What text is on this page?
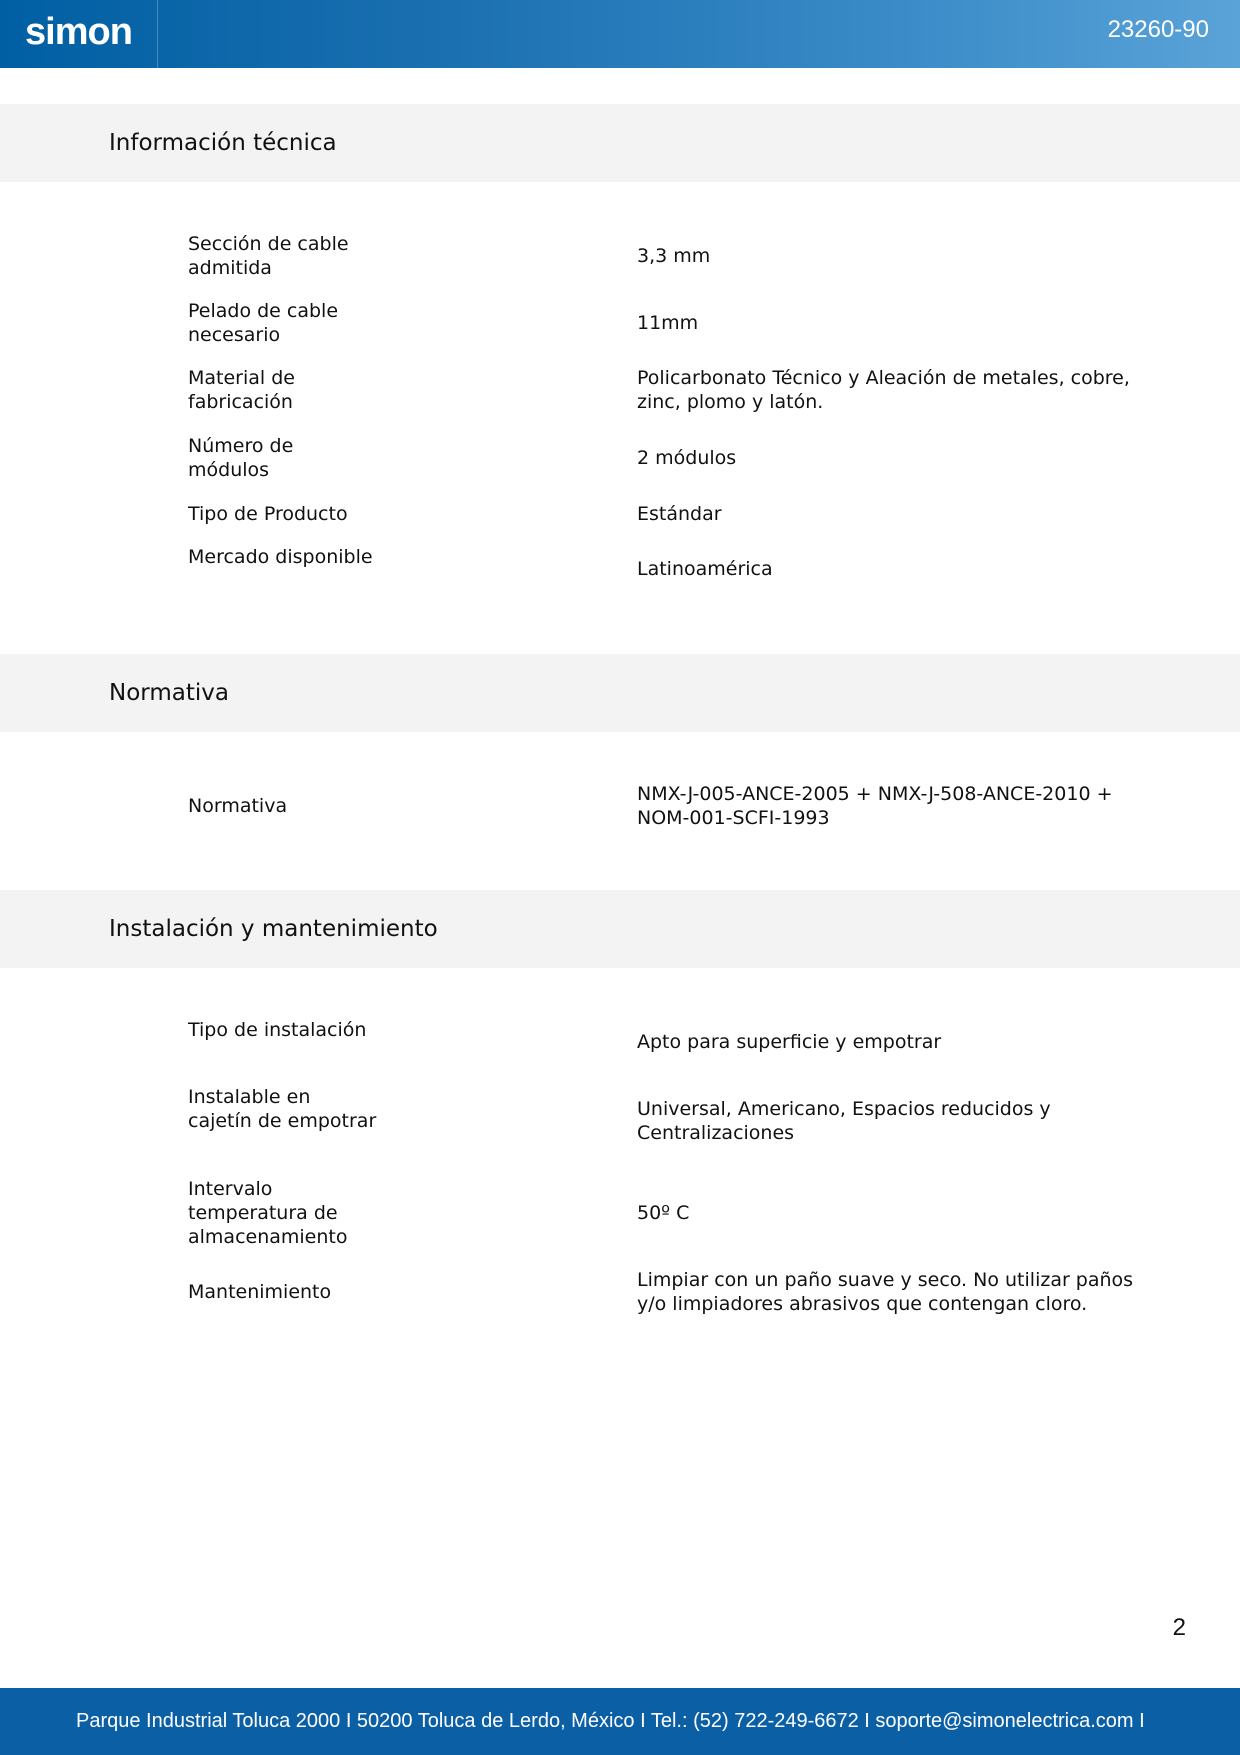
simon	23260-90
Información técnica
Sección de cable admitida
3,3 mm
Pelado de cable necesario
11mm
Material de fabricación
Policarbonato Técnico y Aleación de metales, cobre, zinc, plomo y latón.
Número de módulos
2 módulos
Tipo de Producto	Estándar
Mercado disponible
Latinoamérica
Normativa
Normativa
NMX-J-005-ANCE-2005 + NMX-J-508-ANCE-2010 + NOM-001-SCFI-1993
Instalación y mantenimiento
Tipo de instalación
Apto para superficie y empotrar
Instalable en cajetín de empotrar
Universal, Americano, Espacios reducidos y Centralizaciones
Intervalo temperatura de almacenamiento
50º C
Mantenimiento
Limpiar con un paño suave y seco. No utilizar paños y/o limpiadores abrasivos que contengan cloro.
2
Parque Industrial Toluca 2000 I 50200 Toluca de Lerdo, México I Tel.: (52) 722-249-6672 I soporte@simonelectrica.com I
